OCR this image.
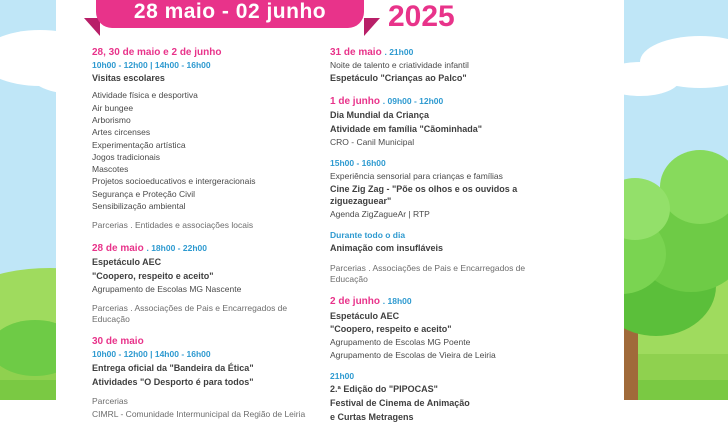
28 maio - 02 junho 2025
28, 30 de maio e 2 de junho
10h00 - 12h00 | 14h00 - 16h00
Visitas escolares
Atividade física e desportiva
Air bungee
Arborismo
Artes circenses
Experimentação artística
Jogos tradicionais
Mascotes
Projetos socioeducativos e intergeracionais
Segurança e Proteção Civil
Sensibilização ambiental
Parcerias . Entidades e associações locais
28 de maio . 18h00 - 22h00
Espetáculo AEC
"Coopero, respeito e aceito"
Agrupamento de Escolas MG Nascente
Parcerias . Associações de Pais e Encarregados de Educação
30 de maio
10h00 - 12h00 | 14h00 - 16h00
Entrega oficial da "Bandeira da Ética"
Atividades "O Desporto é para todos"
Parcerias
CIMRL - Comunidade Intermunicipal da Região de Leiria
31 de maio . 21h00
Noite de talento e criatividade infantil
Espetáculo "Crianças ao Palco"
1 de junho . 09h00 - 12h00
Dia Mundial da Criança
Atividade em família "Cãominhada"
CRO - Canil Municipal
15h00 - 16h00
Experiência sensorial para crianças e famílias
Cine Zig Zag - "Põe os olhos e os ouvidos a ziguezaguear"
Agenda ZigZagueAr | RTP
Durante todo o dia
Animação com insufláveis
Parcerias . Associações de Pais e Encarregados de Educação
2 de junho . 18h00
Espetáculo AEC
"Coopero, respeito e aceito"
Agrupamento de Escolas MG Poente
Agrupamento de Escolas de Vieira de Leiria
21h00
2.ª Edição do "PIPOCAS"
Festival de Cinema de Animação
e Curtas Metragens
